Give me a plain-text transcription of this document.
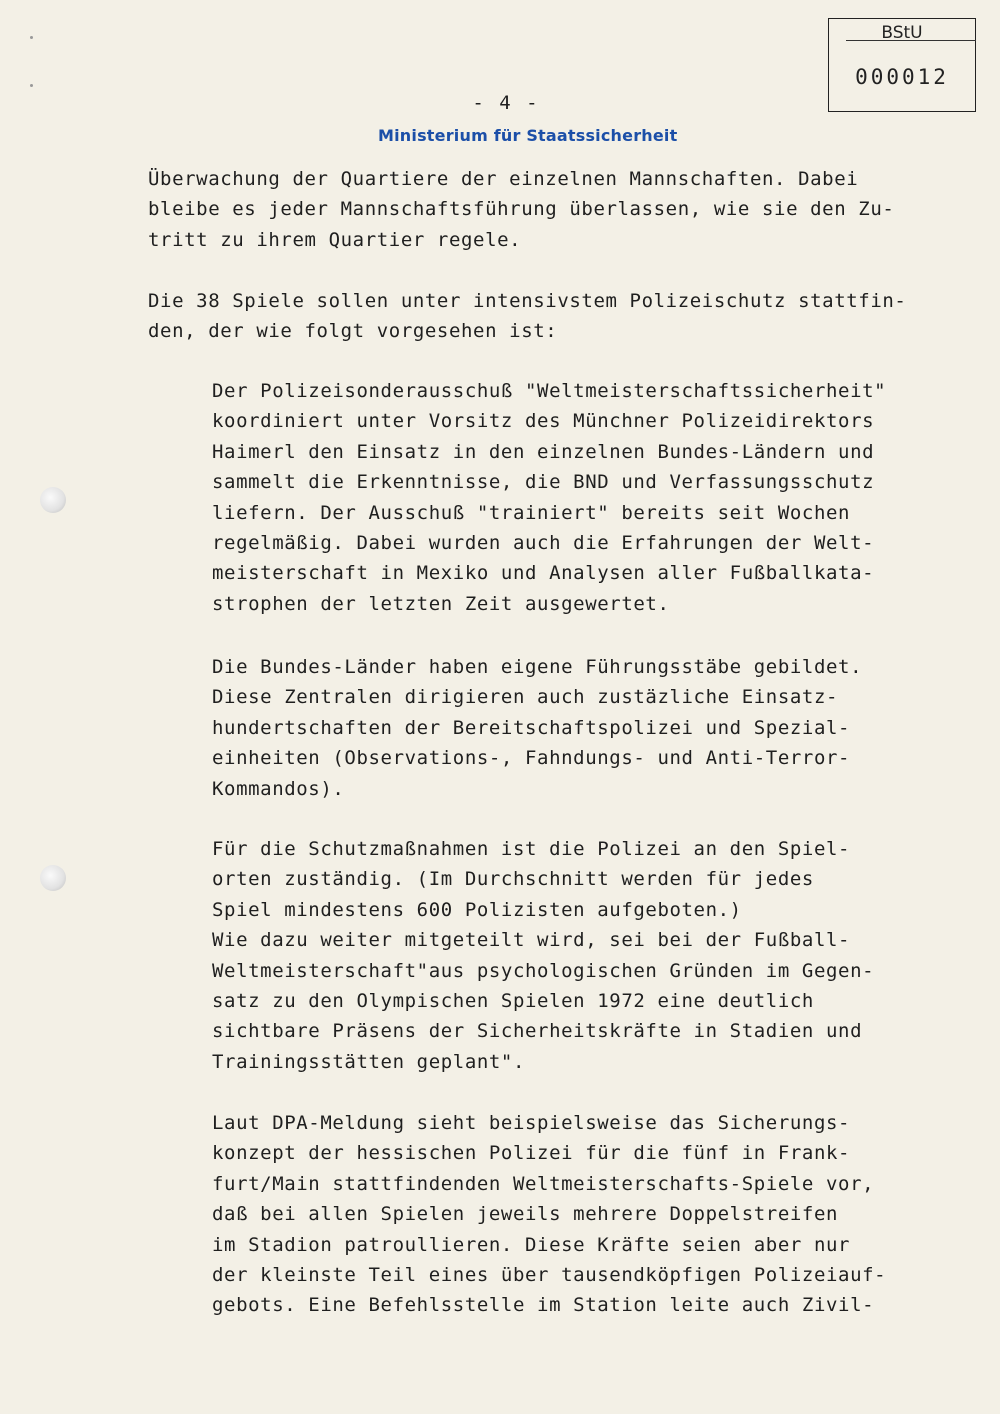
BStU
000012
- 4 -
Ministerium für Staatssicherheit

Überwachung der Quartiere der einzelnen Mannschaften. Dabei
bleibe es jeder Mannschaftsführung überlassen, wie sie den Zu-
tritt zu ihrem Quartier regele.

Die 38 Spiele sollen unter intensivstem Polizeischutz stattfin-
den, der wie folgt vorgesehen ist:

Der Polizeisonderausschuß "Weltmeisterschaftssicherheit"
koordiniert unter Vorsitz des Münchner Polizeidirektors
Haimerl den Einsatz in den einzelnen Bundes-Ländern und
sammelt die Erkenntnisse, die BND und Verfassungsschutz
liefern. Der Ausschuß "trainiert" bereits seit Wochen
regelmäßig. Dabei wurden auch die Erfahrungen der Welt-
meisterschaft in Mexiko und Analysen aller Fußballkata-
strophen der letzten Zeit ausgewertet.

Die Bundes-Länder haben eigene Führungsstäbe gebildet.
Diese Zentralen dirigieren auch zustäzliche Einsatz-
hundertschaften der Bereitschaftspolizei und Spezial-
einheiten (Observations-, Fahndungs- und Anti-Terror-
Kommandos).

Für die Schutzmaßnahmen ist die Polizei an den Spiel-
orten zuständig. (Im Durchschnitt werden für jedes
Spiel mindestens 600 Polizisten aufgeboten.)
Wie dazu weiter mitgeteilt wird, sei bei der Fußball-
Weltmeisterschaft"aus psychologischen Gründen im Gegen-
satz zu den Olympischen Spielen 1972 eine deutlich
sichtbare Präsens der Sicherheitskräfte in Stadien und
Trainingsstätten geplant".

Laut DPA-Meldung sieht beispielsweise das Sicherungs-
konzept der hessischen Polizei für die fünf in Frank-
furt/Main stattfindenden Weltmeisterschafts-Spiele vor,
daß bei allen Spielen jeweils mehrere Doppelstreifen
im Stadion patroullieren. Diese Kräfte seien aber nur
der kleinste Teil eines über tausendköpfigen Polizeiauf-
gebots. Eine Befehlsstelle im Station leite auch Zivil-
